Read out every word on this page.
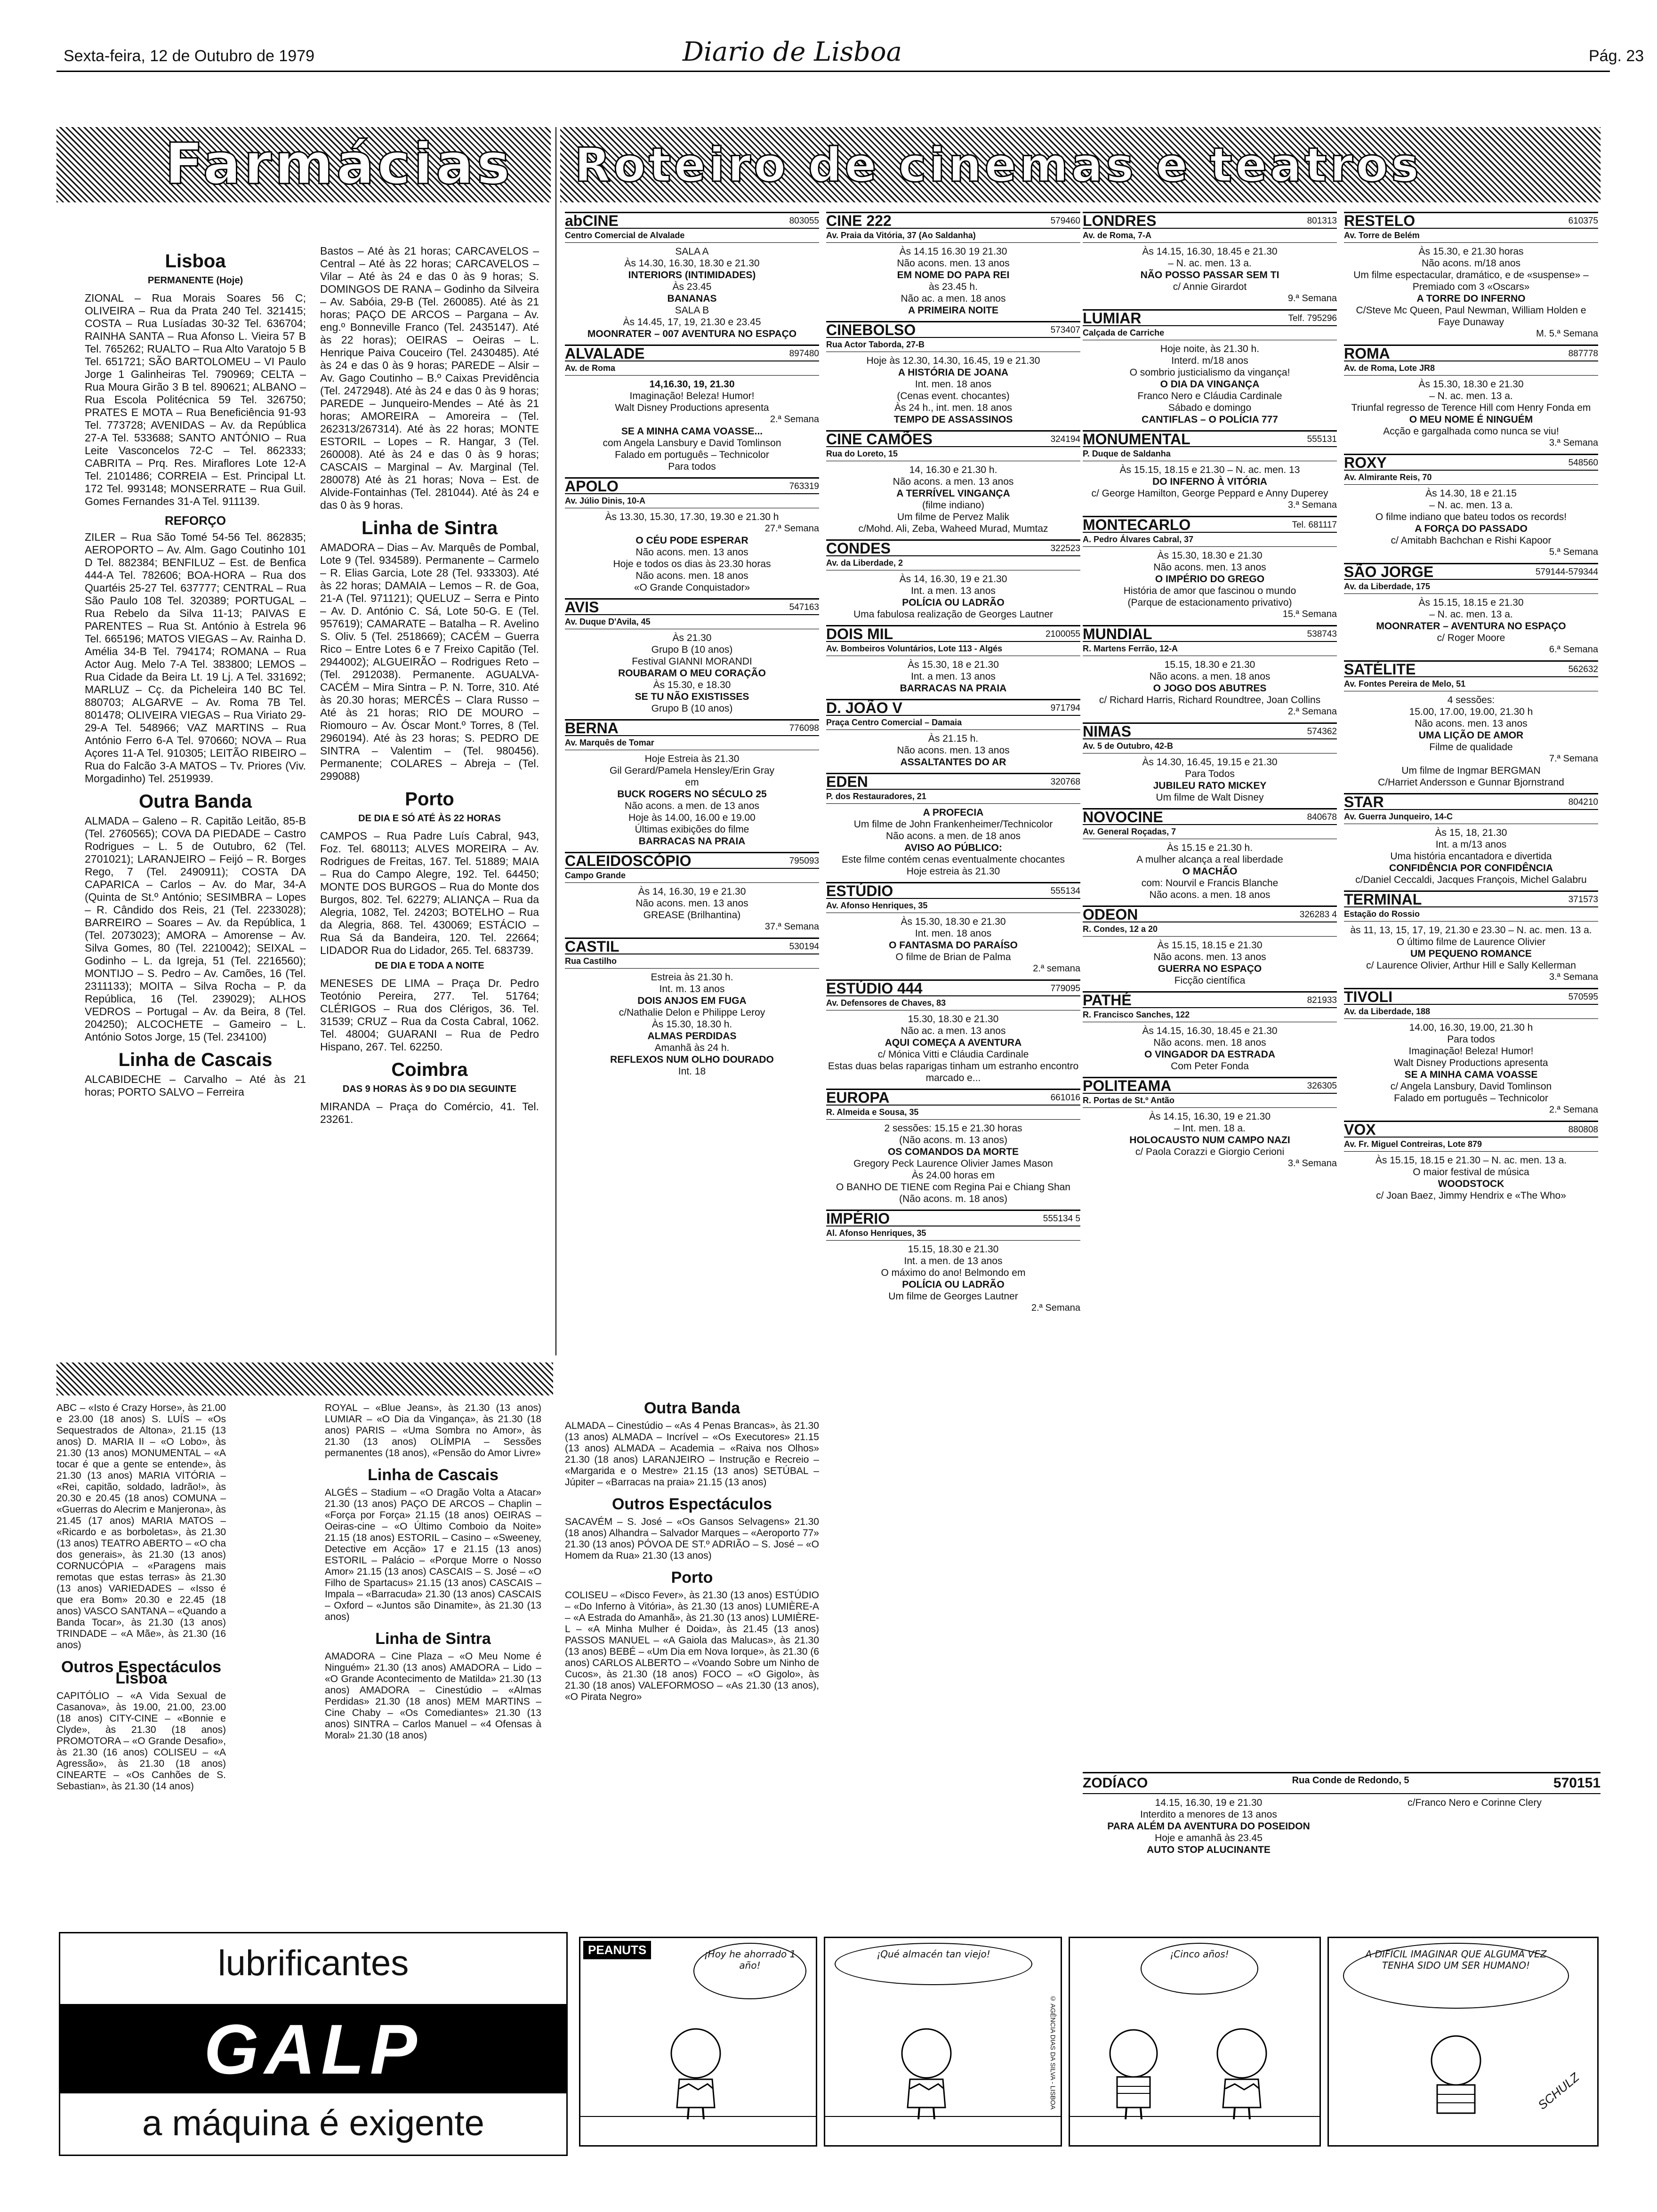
Sexta-feira, 12 de Outubro de 1979	Diario de Lisboa	Pág. 23
Farmácias Roteiro de cinemas e teatros
Lisboa
PERMANENTE (Hoje)

ZIONAL – Rua Morais Soares 56 C; OLIVEIRA – Rua da Prata 240 Tel. 321415; COSTA – Rua Lusíadas 30-32 Tel. 636704; RAINHA SANTA – Rua Afonso L. Vieira 57 B Tel. 765262; RUALTO – Rua Alto Varatojo 5 B Tel. 651721; SÃO BARTOLOMEU – VI Paulo Jorge 1 Galinheiras Tel. 790969; CELTA – Rua Moura Girão 3 B tel. 890621; ALBANO – Rua Escola Politécnica 59 Tel. 326750; PRATES E MOTA – Rua Beneficiência 91-93 Tel. 773728; AVENIDAS – Av. da República 27-A Tel. 533688; SANTO ANTÓNIO – Rua Leite Vasconcelos 72-C – Tel. 862333; CABRITA – Prq. Res. Miraflores Lote 12-A Tel. 2101486; CORREIA – Est. Principal Lt. 172 Tel. 993148; MONSERRATE – Rua Guil. Gomes Fernandes 31-A Tel. 911139.

REFORÇO

ZILER – Rua São Tomé 54-56 Tel. 862835; AEROPORTO – Av. Alm. Gago Coutinho 101 D Tel. 882384; BENFILUZ – Est. de Benfica 444-A Tel. 782606; BOA-HORA – Rua dos Quartéis 25-27 Tel. 637777; CENTRAL – Rua São Paulo 108 Tel. 320389; PORTUGAL – Rua Rebelo da Silva 11-13; PAIVAS E PARENTES – Rua St. António à Estrela 96 Tel. 665196; MATOS VIEGAS – Av. Rainha D. Amélia 34-B Tel. 794174; ROMANA – Rua Actor Aug. Melo 7-A Tel. 383800; LEMOS – Rua Cidade da Beira Lt. 19 Lj. A Tel. 331692; MARLUZ – Cç. da Picheleira 140 BC Tel. 880703; ALGARVE – Av. Roma 7B Tel. 801478; OLIVEIRA VIEGAS – Rua Viriato 29-29-A Tel. 548966; VAZ MARTINS – Rua António Ferro 6-A Tel. 970660; NOVA – Rua Açores 11-A Tel. 910305; LEITÃO RIBEIRO – Rua do Falcão 3-A MATOS – Tv. Priores (Viv. Morgadinho) Tel. 2519939.

Outra Banda

ALMADA – Galeno – R. Capitão Leitão, 85-B (Tel. 2760565); COVA DA PIEDADE – Castro Rodrigues – L. 5 de Outubro, 62 (Tel. 2701021); LARANJEIRO – Feijó – R. Borges Rego, 7 (Tel. 2490911); COSTA DA CAPARICA – Carlos – Av. do Mar, 34-A (Quinta de St.º António; SESIMBRA – Lopes – R. Cândido dos Reis, 21 (Tel. 2233028); BARREIRO – Soares – Av. da República, 1 (Tel. 2073023); AMORA – Amorense – Av. Silva Gomes, 80 (Tel. 2210042); SEIXAL – Godinho – L. da Igreja, 51 (Tel. 2216560); MONTIJO – S. Pedro – Av. Camões, 16 (Tel. 2311133); MOITA – Silva Rocha – P. da República, 16 (Tel. 239029); ALHOS VEDROS – Portugal – Av. da Beira, 8 (Tel. 204250); ALCOCHETE – Gameiro – L. António Sotos Jorge, 15 (Tel. 234100)

Linha de Cascais

ALCABIDECHE – Carvalho – Até às 21 horas; PORTO SALVO – Ferreira

Bastos – Até às 21 horas; CARCAVELOS – Central – Até às 22 horas; CARCAVELOS – Vilar – Até às 24 e das 0 às 9 horas; S. DOMINGOS DE RANA – Godinho da Silveira – Av. Sabóia, 29-B (Tel. 260085). Até às 21 horas; PAÇO DE ARCOS – Pargana – Av. eng.º Bonneville Franco (Tel. 2435147). Até às 22 horas); OEIRAS – Oeiras – L. Henrique Paiva Couceiro (Tel. 2430485). Até às 24 e das 0 às 9 horas; PAREDE – Alsir – Av. Gago Coutinho – B.º Caixas Previdência (Tel. 2472948). Até às 24 e das 0 às 9 horas; PAREDE – Junqueiro-Mendes – Até às 21 horas; AMOREIRA – Amoreira – (Tel. 262313/267314). Até às 22 horas; MONTE ESTORIL – Lopes – R. Hangar, 3 (Tel. 260008). Até às 24 e das 0 às 9 horas; CASCAIS – Marginal – Av. Marginal (Tel. 280078) Até às 21 horas; Nova – Est. de Alvide-Fontainhas (Tel. 281044). Até às 24 e das 0 às 9 horas.

Linha de Sintra

AMADORA – Dias – Av. Marquês de Pombal, Lote 9 (Tel. 934589). Permanente – Carmelo – R. Elias Garcia, Lote 28 (Tel. 933303). Até às 22 horas; DAMAIA – Lemos – R. de Goa, 21-A (Tel. 971121); QUELUZ – Serra e Pinto – Av. D. António C. Sá, Lote 50-G. E (Tel. 957619); CAMARATE – Batalha – R. Avelino S. Oliv. 5 (Tel. 2518669); CACÉM – Guerra Rico – Entre Lotes 6 e 7 Freixo Capitão (Tel. 2944002); ALGUEIRÃO – Rodrigues Reto – (Tel. 2912038). Permanente. AGUALVA-CACÉM – Mira Sintra – P. N. Torre, 310. Até às 20.30 horas; MERCÊS – Clara Russo – Até às 21 horas; RIO DE MOURO – Riomouro – Av. Óscar Mont.º Torres, 8 (Tel. 2960194). Até às 23 horas; S. PEDRO DE SINTRA – Valentim – (Tel. 980456). Permanente; COLARES – Abreja – (Tel. 299088)

Porto
DE DIA E SÓ ATÉ ÀS 22 HORAS

CAMPOS – Rua Padre Luís Cabral, 943, Foz. Tel. 680113; ALVES MOREIRA – Av. Rodrigues de Freitas, 167. Tel. 51889; MAIA – Rua do Campo Alegre, 192. Tel. 64450; MONTE DOS BURGOS – Rua do Monte dos Burgos, 802. Tel. 62279; ALIANÇA – Rua da Alegria, 1082, Tel. 24203; BOTELHO – Rua da Alegria, 868. Tel. 430069; ESTÁCIO – Rua Sá da Bandeira, 120. Tel. 22664; LIDADOR Rua do Lidador, 265. Tel. 683739.

DE DIA E TODA A NOITE

MENESES DE LIMA – Praça Dr. Pedro Teotónio Pereira, 277. Tel. 51764; CLÉRIGOS – Rua dos Clérigos, 36. Tel. 31539; CRUZ – Rua da Costa Cabral, 1062. Tel. 48004; GUARANI – Rua de Pedro Hispano, 267. Tel. 62250.

Coimbra
DAS 9 HORAS ÀS 9 DO DIA SEGUINTE

MIRANDA – Praça do Comércio, 41. Tel. 23261.

abCINE	803055
Centro Comercial de Alvalade
SALA A
Às 14.30, 16.30, 18.30 e 21.30
INTERIORS (INTIMIDADES)
Às 23.45
BANANAS
SALA B
Às 14.45, 17, 19, 21.30 e 23.45
MOONRATER – 007 AVENTURA NO ESPAÇO
ALVALADE	897480
Av. de Roma
14,16.30, 19, 21.30
Imaginação! Beleza! Humor!
Walt Disney Productions apresenta
2.ª Semana
SE A MINHA CAMA VOASSE...
com Angela Lansbury e David Tomlinson
Falado em português – Technicolor
Para todos
APOLO	763319
Av. Júlio Dinis, 10-A
Às 13.30, 15.30, 17.30, 19.30 e 21.30 h
27.ª Semana
O CÉU PODE ESPERAR
Não acons. men. 13 anos
Hoje e todos os dias às 23.30 horas
Não acons. men. 18 anos
«O Grande Conquistador»
AVIS	547163
Av. Duque D'Avila, 45
Às 21.30
Grupo B (10 anos)
Festival GIANNI MORANDI
ROUBARAM O MEU CORAÇÃO
Às 15.30, e 18.30
SE TU NÃO EXISTISSES
Grupo B (10 anos)
BERNA	776098
Av. Marquês de Tomar
Hoje Estreia às 21.30
Gil Gerard/Pamela Hensley/Erin Gray
em
BUCK ROGERS NO SÉCULO 25
Não acons. a men. de 13 anos
Hoje às 14.00, 16.00 e 19.00
Últimas exibições do filme
BARRACAS NA PRAIA
CALEIDOSCÓPIO	795093
Campo Grande
Às 14, 16.30, 19 e 21.30
Não acons. men. 13 anos
GREASE (Brilhantina)
37.ª Semana
CASTIL	530194
Rua Castilho
Estreia às 21.30 h.
Int. m. 13 anos
DOIS ANJOS EM FUGA
c/Nathalie Delon e Philippe Leroy
Às 15.30, 18.30 h.
ALMAS PERDIDAS
Amanhã às 24 h.
REFLEXOS NUM OLHO DOURADO
Int. 18
CINE 222	579460
Av. Praia da Vitória, 37 (Ao Saldanha)
Às 14.15 16.30 19 21.30
Não acons. men. 13 anos
EM NOME DO PAPA REI
às 23.45 h.
Não ac. a men. 18 anos
A PRIMEIRA NOITE
CINEBOLSO	573407
Rua Actor Taborda, 27-B
Hoje às 12.30, 14.30, 16.45, 19 e 21.30
A HISTÓRIA DE JOANA
Int. men. 18 anos
(Cenas event. chocantes)
Às 24 h., int. men. 18 anos
TEMPO DE ASSASSINOS
CINE CAMÕES	324194
Rua do Loreto, 15
14, 16.30 e 21.30 h.
Não acons. a men. 13 anos
A TERRÍVEL VINGANÇA
(filme indiano)
Um filme de Pervez Malik
c/Mohd. Ali, Zeba, Waheed Murad, Mumtaz
CONDES	322523
Av. da Liberdade, 2
Às 14, 16.30, 19 e 21.30
Int. a men. 13 anos
POLÍCIA OU LADRÃO
Uma fabulosa realização de Georges Lautner
DOIS MIL	2100055
Av. Bombeiros Voluntários, Lote 113 - Algés
Às 15.30, 18 e 21.30
Int. a men. 13 anos
BARRACAS NA PRAIA
D. JOÃO V	971794
Praça Centro Comercial – Damaia
Às 21.15 h.
Não acons. men. 13 anos
ASSALTANTES DO AR
EDEN	320768
P. dos Restauradores, 21
A PROFECIA
Um filme de John Frankenheimer/Technicolor
Não acons. a men. de 18 anos
AVISO AO PÚBLICO:
Este filme contém cenas eventualmente chocantes
Hoje estreia às 21.30
ESTÚDIO	555134
Av. Afonso Henriques, 35
Às 15.30, 18.30 e 21.30
Int. men. 18 anos
O FANTASMA DO PARAÍSO
O filme de Brian de Palma
2.ª semana
ESTÚDIO 444	779095
Av. Defensores de Chaves, 83
15.30, 18.30 e 21.30
Não ac. a men. 13 anos
AQUI COMEÇA A AVENTURA
c/ Mónica Vitti e Cláudia Cardinale
Estas duas belas raparigas tinham um estranho encontro marcado e...
EUROPA	661016
R. Almeida e Sousa, 35
2 sessões: 15.15 e 21.30 horas
(Não acons. m. 13 anos)
OS COMANDOS DA MORTE
Gregory Peck Laurence Olivier James Mason
Às 24.00 horas em
O BANHO DE TIENE com Regina Pai e Chiang Shan
(Não acons. m. 18 anos)
IMPÉRIO	555134 5
Al. Afonso Henriques, 35
15.15, 18.30 e 21.30
Int. a men. de 13 anos
O máximo do ano! Belmondo em
POLÍCIA OU LADRÃO
Um filme de Georges Lautner
2.ª Semana
LONDRES	801313
Av. de Roma, 7-A
Às 14.15, 16.30, 18.45 e 21.30
– N. ac. men. 13 a.
NÃO POSSO PASSAR SEM TI
c/ Annie Girardot
9.ª Semana
LUMIAR	Telf. 795296
Calçada de Carriche
Hoje noite, às 21.30 h.
Interd. m/18 anos
O sombrio justicialismo da vingança!
O DIA DA VINGANÇA
Franco Nero e Cláudia Cardinale
Sábado e domingo
CANTIFLAS – O POLÍCIA 777
MONUMENTAL	555131
P. Duque de Saldanha
Às 15.15, 18.15 e 21.30 – N. ac. men. 13
DO INFERNO À VITÓRIA
c/ George Hamilton, George Peppard e Anny Duperey
3.ª Semana
MONTECARLO	Tel. 681117
A. Pedro Álvares Cabral, 37
Às 15.30, 18.30 e 21.30
Não acons. men. 13 anos
O IMPÉRIO DO GREGO
História de amor que fascinou o mundo
(Parque de estacionamento privativo)
15.ª Semana
MUNDIAL	538743
R. Martens Ferrão, 12-A
15.15, 18.30 e 21.30
Não acons. a men. 18 anos
O JOGO DOS ABUTRES
c/ Richard Harris, Richard Roundtree, Joan Collins
2.ª Semana
NIMAS	574362
Av. 5 de Outubro, 42-B
Às 14.30, 16.45, 19.15 e 21.30
Para Todos
JUBILEU RATO MICKEY
Um filme de Walt Disney
NOVOCINE	840678
Av. General Roçadas, 7
Às 15.15 e 21.30 h.
A mulher alcança a real liberdade
O MACHÃO
com: Nourvil e Francis Blanche
Não acons. a men. 18 anos
ODEON	326283 4
R. Condes, 12 a 20
Às 15.15, 18.15 e 21.30
Não acons. men. 13 anos
GUERRA NO ESPAÇO
Ficção científica
PATHÉ	821933
R. Francisco Sanches, 122
Às 14.15, 16.30, 18.45 e 21.30
Não acons. men. 18 anos
O VINGADOR DA ESTRADA
Com Peter Fonda
POLITEAMA	326305
R. Portas de St.º Antão
Às 14.15, 16.30, 19 e 21.30
– Int. men. 18 a.
HOLOCAUSTO NUM CAMPO NAZI
c/ Paola Corazzi e Giorgio Cerioni
3.ª Semana
RESTELO	610375
Av. Torre de Belém
Às 15.30, e 21.30 horas
Não acons. m/18 anos
Um filme espectacular, dramático, e de «suspense» – Premiado com 3 «Oscars»
A TORRE DO INFERNO
C/Steve Mc Queen, Paul Newman, William Holden e Faye Dunaway
M. 5.ª Semana
ROMA	887778
Av. de Roma, Lote JR8
Às 15.30, 18.30 e 21.30
– N. ac. men. 13 a.
Triunfal regresso de Terence Hill com Henry Fonda em
O MEU NOME É NINGUÉM
Acção e gargalhada como nunca se viu!
3.ª Semana
ROXY	548560
Av. Almirante Reis, 70
Às 14.30, 18 e 21.15
– N. ac. men. 13 a.
O filme indiano que bateu todos os records!
A FORÇA DO PASSADO
c/ Amitabh Bachchan e Rishi Kapoor
5.ª Semana
SÃO JORGE	579144-579344
Av. da Liberdade, 175
Às 15.15, 18.15 e 21.30
– N. ac. men. 13 a.
MOONRATER – AVENTURA NO ESPAÇO
c/ Roger Moore
6.ª Semana
SATÉLITE	562632
Av. Fontes Pereira de Melo, 51
4 sessões:
15.00, 17.00, 19.00, 21.30 h
Não acons. men. 13 anos
UMA LIÇÃO DE AMOR
Filme de qualidade
7.ª Semana
Um filme de Ingmar BERGMAN
C/Harriet Andersson e Gunnar Bjornstrand
STAR	804210
Av. Guerra Junqueiro, 14-C
Às 15, 18, 21.30
Int. a m/13 anos
Uma história encantadora e divertida
CONFIDÊNCIA POR CONFIDÊNCIA
c/Daniel Ceccaldi, Jacques François, Michel Galabru
TERMINAL	371573
Estação do Rossio
às 11, 13, 15, 17, 19, 21.30 e 23.30 – N. ac. men. 13 a.
O último filme de Laurence Olivier
UM PEQUENO ROMANCE
c/ Laurence Olivier, Arthur Hill e Sally Kellerman
3.ª Semana
TIVOLI	570595
Av. da Liberdade, 188
14.00, 16.30, 19.00, 21.30 h
Para todos
Imaginação! Beleza! Humor!
Walt Disney Productions apresenta
SE A MINHA CAMA VOASSE
c/ Angela Lansbury, David Tomlinson
Falado em português – Technicolor
2.ª Semana
VOX	880808
Av. Fr. Miguel Contreiras, Lote 879
Às 15.15, 18.15 e 21.30 – N. ac. men. 13 a.
O maior festival de música
WOODSTOCK
c/ Joan Baez, Jimmy Hendrix e «The Who»

ABC – «Isto é Crazy Horse», às 21.00 e 23.00 (18 anos) S. LUÍS – «Os Sequestrados de Altona», 21.15 (13 anos) D. MARIA II – «O Lobo», às 21.30 (13 anos) MONUMENTAL – «A tocar é que a gente se entende», às 21.30 (13 anos) MARIA VITÓRIA – «Rei, capitão, soldado, ladrão!», às 20.30 e 20.45 (18 anos) COMUNA – «Guerras do Alecrim e Manjerona», às 21.45 (17 anos) MARIA MATOS – «Ricardo e as borboletas», às 21.30 (13 anos) TEATRO ABERTO – «O cha dos generais», às 21.30 (13 anos) CORNUCÓPIA – «Paragens mais remotas que estas terras» às 21.30 (13 anos) VARIEDADES – «Isso é que era Bom» 20.30 e 22.45 (18 anos) VASCO SANTANA – «Quando a Banda Tocar», às 21.30 (13 anos) TRINDADE – «A Mãe», às 21.30 (16 anos)

Outros Espectáculos Lisboa

CAPITÓLIO – «A Vida Sexual de Casanova», às 19.00, 21.00, 23.00 (18 anos) CITY-CINE – «Bonnie e Clyde», às 21.30 (18 anos) PROMOTORA – «O Grande Desafio», às 21.30 (16 anos) COLISEU – «A Agressão», às 21.30 (18 anos) CINEARTE – «Os Canhões de S. Sebastian», às 21.30 (14 anos)

ROYAL – «Blue Jeans», às 21.30 (13 anos) LUMIAR – «O Dia da Vingança», às 21.30 (18 anos) PARIS – «Uma Sombra no Amor», às 21.30 (13 anos) OLÍMPIA – Sessões permanentes (18 anos), «Pensão do Amor Livre»

Linha de Cascais

ALGÉS – Stadium – «O Dragão Volta a Atacar» 21.30 (13 anos) PAÇO DE ARCOS – Chaplin – «Força por Força» 21.15 (18 anos) OEIRAS – Oeiras-cine – «O Último Comboio da Noite» 21.15 (18 anos) ESTORIL – Casino – «Sweeney, Detective em Acção» 17 e 21.15 (13 anos) ESTORIL – Palácio – «Porque Morre o Nosso Amor» 21.15 (13 anos) CASCAIS – S. José – «O Filho de Spartacus» 21.15 (13 anos) CASCAIS – Impala – «Barracuda» 21.30 (13 anos) CASCAIS – Oxford – «Juntos são Dinamite», às 21.30 (13 anos)

Linha de Sintra

AMADORA – Cine Plaza – «O Meu Nome é Ninguém» 21.30 (13 anos) AMADORA – Lido – «O Grande Acontecimento de Matilda» 21.30 (13 anos) AMADORA – Cinestúdio – «Almas Perdidas» 21.30 (18 anos) MEM MARTINS – Cine Chaby – «Os Comediantes» 21.30 (13 anos) SINTRA – Carlos Manuel – «4 Ofensas à Moral» 21.30 (18 anos)

Outra Banda

ALMADA – Cinestúdio – «As 4 Penas Brancas», às 21.30 (13 anos) ALMADA – Incrível – «Os Executores» 21.15 (13 anos) ALMADA – Academia – «Raiva nos Olhos» 21.30 (18 anos) LARANJEIRO – Instrução e Recreio – «Margarida e o Mestre» 21.15 (13 anos) SETÚBAL – Júpiter – «Barracas na praia» 21.15 (13 anos)

Outros Espectáculos

SACAVÉM – S. José – «Os Gansos Selvagens» 21.30 (18 anos) Alhandra – Salvador Marques – «Aeroporto 77» 21.30 (13 anos) PÓVOA DE ST.º ADRIÃO – S. José – «O Homem da Rua» 21.30 (13 anos)

Porto

COLISEU – «Disco Fever», às 21.30 (13 anos) ESTÚDIO – «Do Inferno à Vitória», às 21.30 (13 anos) LUMIÈRE-A – «A Estrada do Amanhã», às 21.30 (13 anos) LUMIÈRE-L – «A Minha Mulher é Doida», às 21.45 (13 anos) PASSOS MANUEL – «A Gaiola das Malucas», às 21.30 (13 anos) BEBÉ – «Um Dia em Nova Iorque», às 21.30 (6 anos) CARLOS ALBERTO – «Voando Sobre um Ninho de Cucos», às 21.30 (18 anos) FOCO – «O Gigolo», às 21.30 (18 anos) VALEFORMOSO – «As 21.30 (13 anos), «O Pirata Negro»

ZODÍACO	Rua Conde de Redondo, 5	570151
14.15, 16.30, 19 e 21.30
Interdito a menores de 13 anos
PARA ALÉM DA AVENTURA DO POSEIDON
Hoje e amanhã às 23.45
AUTO STOP ALUCINANTE
c/Franco Nero e Corinne Clery
lubrificantes
GALP
a máquina é exigente
PEANUTS	¡Hoy he ahorrado 1 año!
¡Qué almacén tan viejo!
© AGÊNCIA DIAS DA SILVA - LISBOA
¡Cinco años!	A DIFÍCIL IMAGINAR QUE ALGUMA VEZ TENHA SIDO UM SER HUMANO!
SCHULZ
